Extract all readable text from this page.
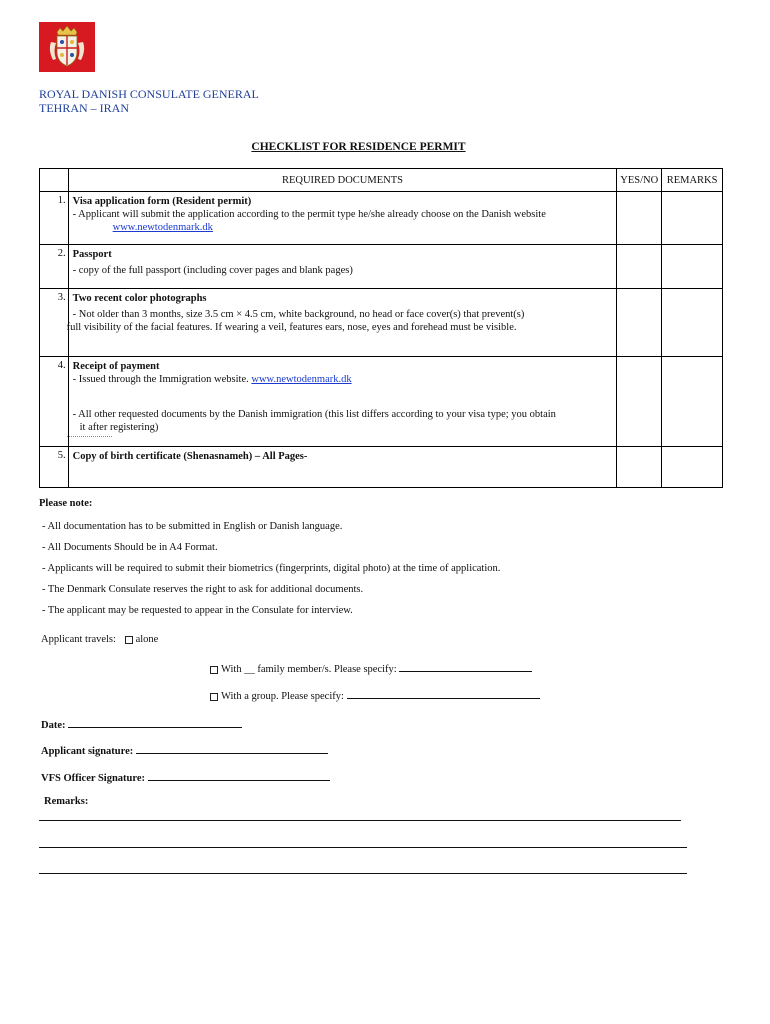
ROYAL DANISH CONSULATE GENERAL
TEHRAN – IRAN
CHECKLIST FOR RESIDENCE PERMIT
	REQUIRED DOCUMENTS	YES/NO	REMARKS
1.	Visa application form (Resident permit)
- Applicant will submit the application according to the permit type he/she already choose on the Danish website
www.newtodenmark.dk		

2.	Passport
- copy of the full passport (including cover pages and blank pages)		

3.	Two recent color photographs
- Not older than 3 months, size 3.5 cm × 4.5 cm, white background, no head or face cover(s) that prevent(s)
full visibility of the facial features. If wearing a veil, features ears, nose, eyes and forehead must be visible.		

4.	Receipt of payment
- Issued through the Immigration website. www.newtodenmark.dk
- All other requested documents by the Danish immigration (this list differs according to your visa type; you obtain
it after registering)		

5.	Copy of birth certificate (Shenasnameh) – All Pages-		

Please note:
- All documentation has to be submitted in English or Danish language.
- All Documents Should be in A4 Format.
- Applicants will be required to submit their biometrics (fingerprints, digital photo) at the time of application.
- The Denmark Consulate reserves the right to ask for additional documents.
- The applicant may be requested to appear in the Consulate for interview.
Applicant travels: alone
With __ family member/s. Please specify:
With a group. Please specify:
Date:
Applicant signature:
VFS Officer Signature:
Remarks:
